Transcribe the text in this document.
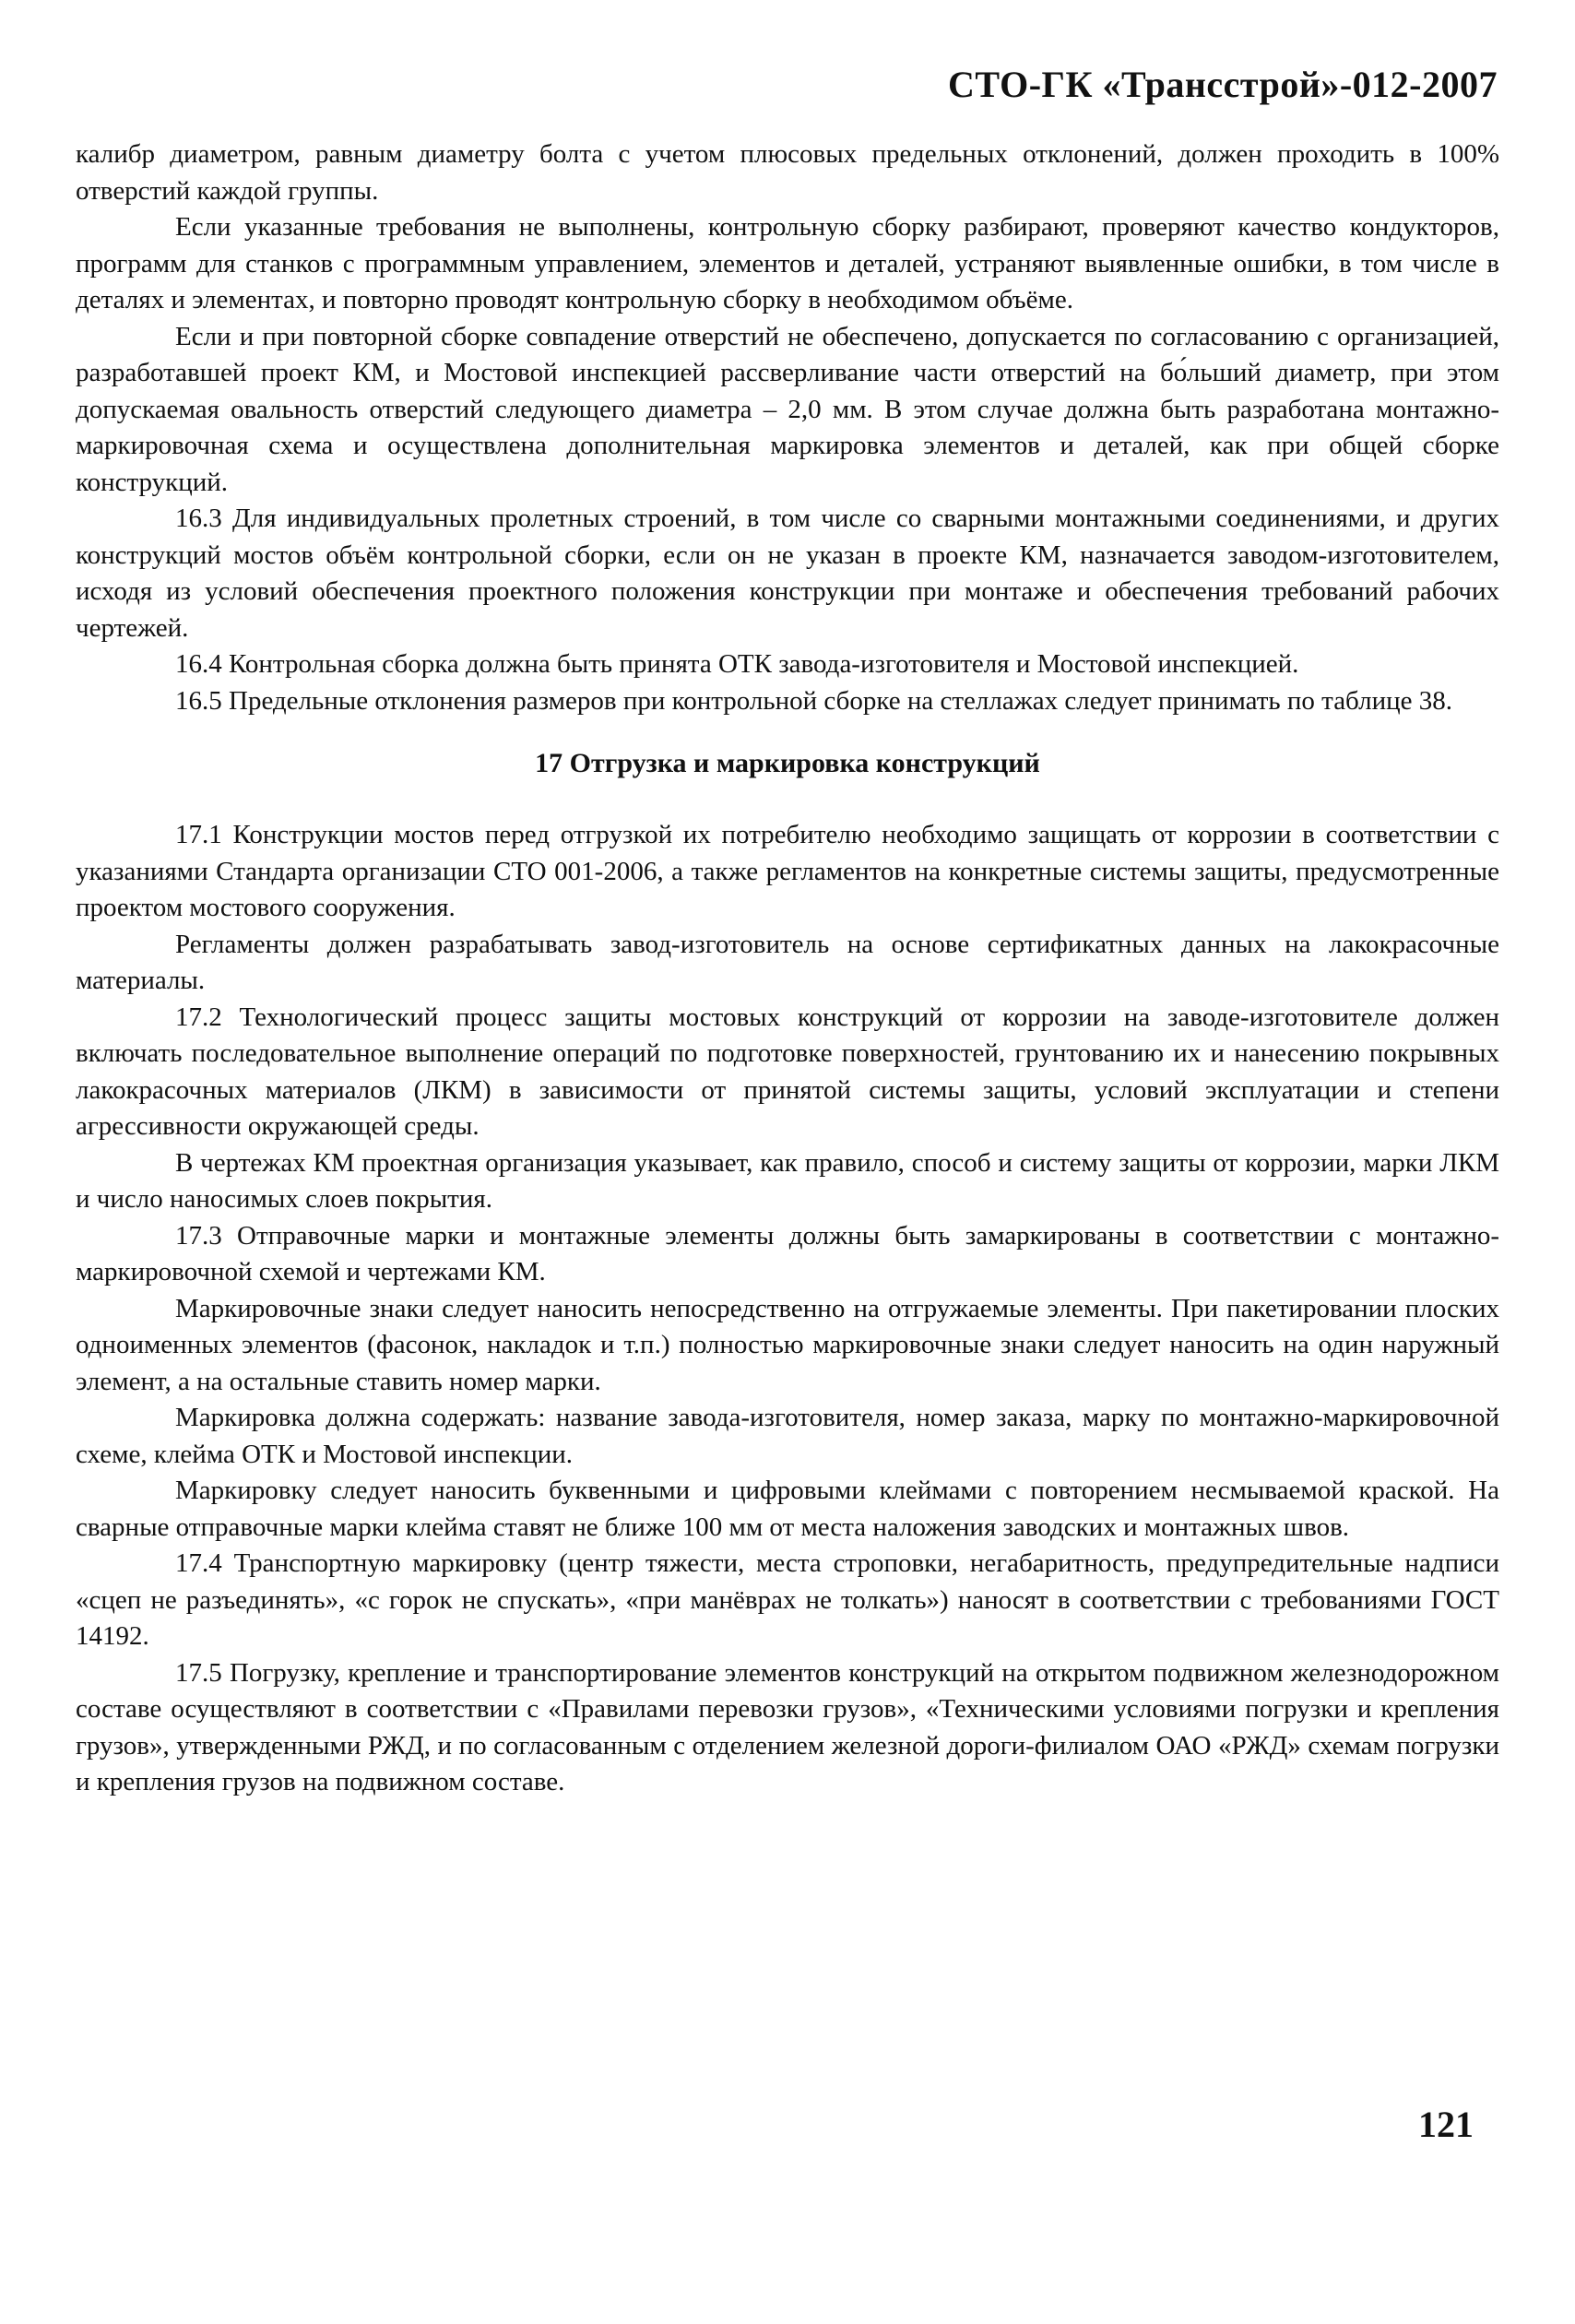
СТО-ГК «Трансстрой»-012-2007

калибр диаметром, равным диаметру болта с учетом плюсовых предельных отклонений, должен проходить в 100% отверстий каждой группы.

Если указанные требования не выполнены, контрольную сборку разбирают, проверяют качество кондукторов, программ для станков с программным управлением, элементов и деталей, устраняют выявленные ошибки, в том числе в деталях и элементах, и повторно проводят контрольную сборку в необходимом объёме.

Если и при повторной сборке совпадение отверстий не обеспечено, допускается по согласованию с организацией, разработавшей проект КМ, и Мостовой инспекцией рассверливание части отверстий на бо́льший диаметр, при этом допускаемая овальность отверстий следующего диаметра – 2,0 мм. В этом случае должна быть разработана монтажно-маркировочная схема и осуществлена дополнительная маркировка элементов и деталей, как при общей сборке конструкций.

16.3 Для индивидуальных пролетных строений, в том числе со сварными монтажными соединениями, и других конструкций мостов объём контрольной сборки, если он не указан в проекте КМ, назначается заводом-изготовителем, исходя из условий обеспечения проектного положения конструкции при монтаже и обеспечения требований рабочих чертежей.

16.4 Контрольная сборка должна быть принята ОТК завода-изготовителя и Мостовой инспекцией.

16.5 Предельные отклонения размеров при контрольной сборке на стеллажах следует принимать по таблице 38.

17 Отгрузка и маркировка конструкций

17.1 Конструкции мостов перед отгрузкой их потребителю необходимо защищать от коррозии в соответствии с указаниями Стандарта организации СТО 001-2006, а также регламентов на конкретные системы защиты, предусмотренные проектом мостового сооружения.

Регламенты должен разрабатывать завод-изготовитель на основе сертификатных данных на лакокрасочные материалы.

17.2 Технологический процесс защиты мостовых конструкций от коррозии на заводе-изготовителе должен включать последовательное выполнение операций по подготовке поверхностей, грунтованию их и нанесению покрывных лакокрасочных материалов (ЛКМ) в зависимости от принятой системы защиты, условий эксплуатации и степени агрессивности окружающей среды.

В чертежах КМ проектная организация указывает, как правило, способ и систему защиты от коррозии, марки ЛКМ и число наносимых слоев покрытия.

17.3 Отправочные марки и монтажные элементы должны быть замаркированы в соответствии с монтажно-маркировочной схемой и чертежами КМ.

Маркировочные знаки следует наносить непосредственно на отгружаемые элементы. При пакетировании плоских одноименных элементов (фасонок, накладок и т.п.) полностью маркировочные знаки следует наносить на один наружный элемент, а на остальные ставить номер марки.

Маркировка должна содержать: название завода-изготовителя, номер заказа, марку по монтажно-маркировочной схеме, клейма ОТК и Мостовой инспекции.

Маркировку следует наносить буквенными и цифровыми клеймами с повторением несмываемой краской. На сварные отправочные марки клейма ставят не ближе 100 мм от места наложения заводских и монтажных швов.

17.4 Транспортную маркировку (центр тяжести, места строповки, негабаритность, предупредительные надписи «сцеп не разъединять», «с горок не спускать», «при манёврах не толкать») наносят в соответствии с требованиями ГОСТ 14192.

17.5 Погрузку, крепление и транспортирование элементов конструкций на открытом подвижном железнодорожном составе осуществляют в соответствии с «Правилами перевозки грузов», «Техническими условиями погрузки и крепления грузов», утвержденными РЖД, и по согласованным с отделением железной дороги-филиалом ОАО «РЖД» схемам погрузки и крепления грузов на подвижном составе.

121
